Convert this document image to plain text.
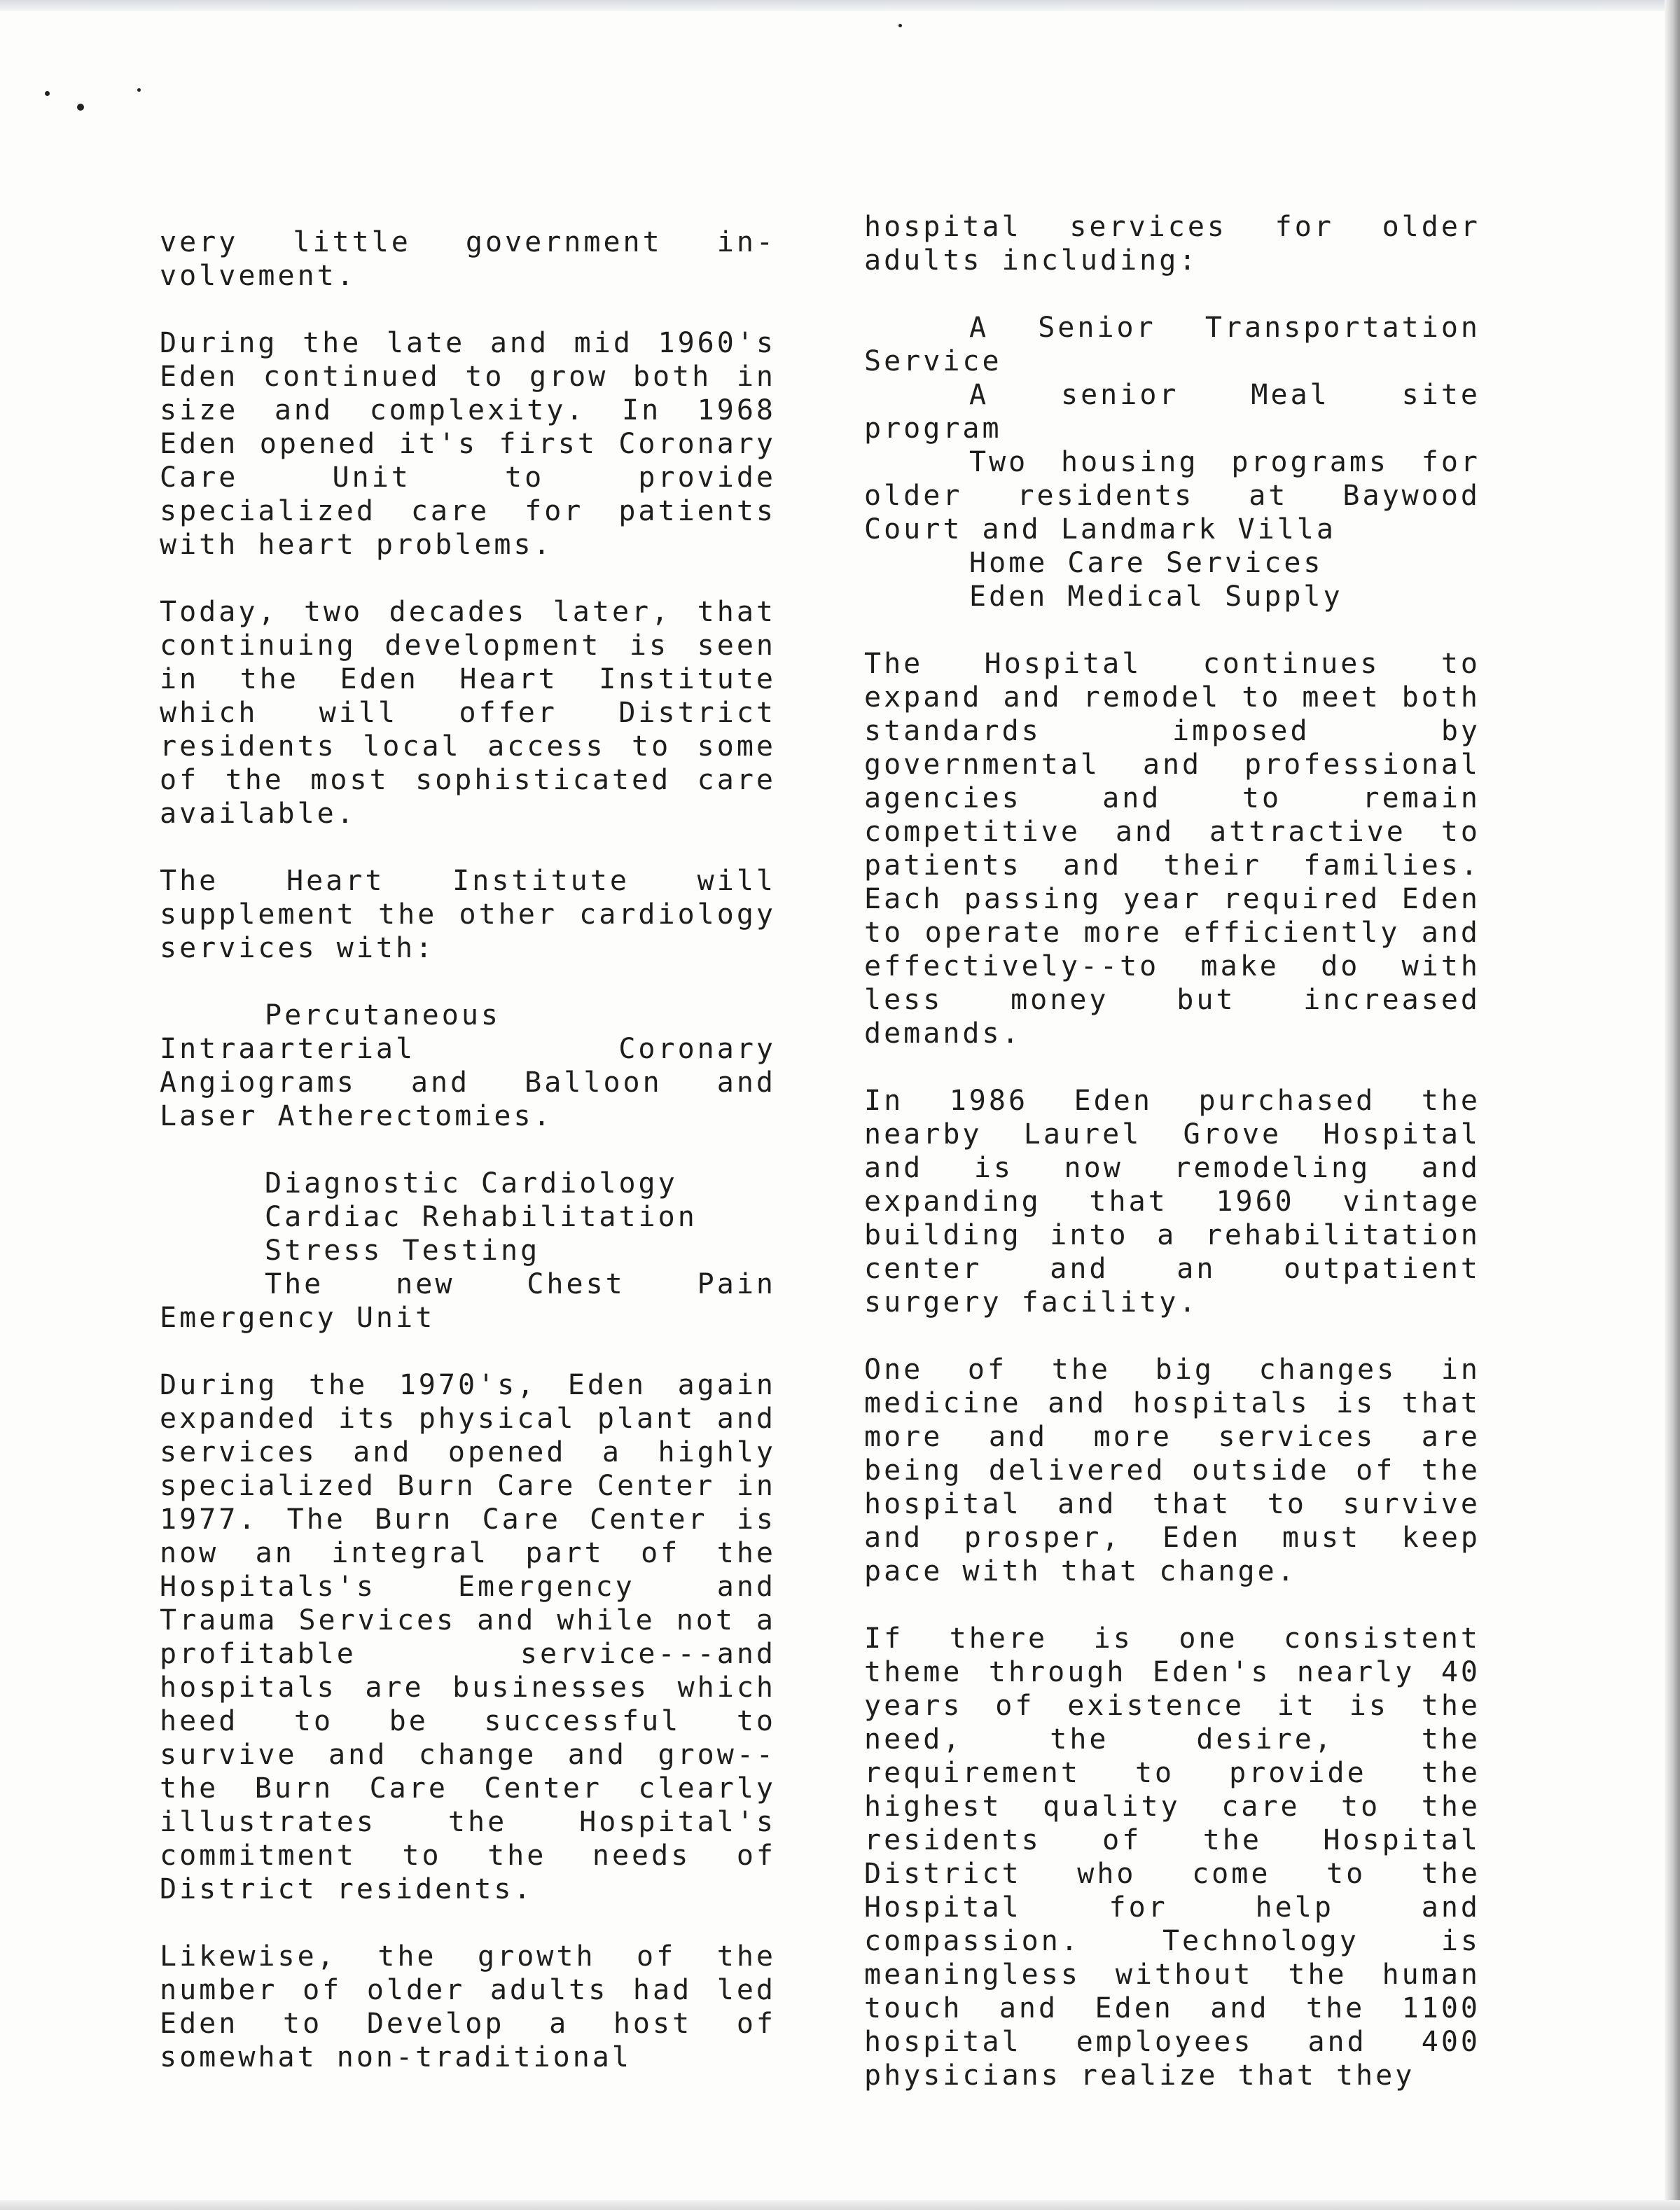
very little government in-volvement.

During the late and mid 1960's Eden continued to grow both in size and complexity. In 1968 Eden opened it's first Coronary Care Unit to provide specialized care for patients with heart problems.

Today, two decades later, that continuing development is seen in the Eden Heart Institute which will offer District residents local access to some of the most sophisticated care available.

The Heart Institute will supplement the other cardiology services with:

Percutaneous Intraarterial Coronary Angiograms and Balloon and Laser Atherectomies.

Diagnostic Cardiology
Cardiac Rehabilitation
Stress Testing
The new Chest Pain Emergency Unit

During the 1970's, Eden again expanded its physical plant and services and opened a highly specialized Burn Care Center in 1977. The Burn Care Center is now an integral part of the Hospitals's Emergency and Trauma Services and while not a profitable service---and hospitals are businesses which heed to be successful to survive and change and grow--the Burn Care Center clearly illustrates the Hospital's commitment to the needs of District residents.

Likewise, the growth of the number of older adults had led Eden to Develop a host of somewhat non-traditional

hospital services for older adults including:

A Senior Transportation Service
A senior Meal site program
Two housing programs for older residents at Baywood Court and Landmark Villa
Home Care Services
Eden Medical Supply

The Hospital continues to expand and remodel to meet both standards imposed by governmental and professional agencies and to remain competitive and attractive to patients and their families. Each passing year required Eden to operate more efficiently and effectively--to make do with less money but increased demands.

In 1986 Eden purchased the nearby Laurel Grove Hospital and is now remodeling and expanding that 1960 vintage building into a rehabilitation center and an outpatient surgery facility.

One of the big changes in medicine and hospitals is that more and more services are being delivered outside of the hospital and that to survive and prosper, Eden must keep pace with that change.

If there is one consistent theme through Eden's nearly 40 years of existence it is the need, the desire, the requirement to provide the highest quality care to the residents of the Hospital District who come to the Hospital for help and compassion. Technology is meaningless without the human touch and Eden and the 1100 hospital employees and 400 physicians realize that they
